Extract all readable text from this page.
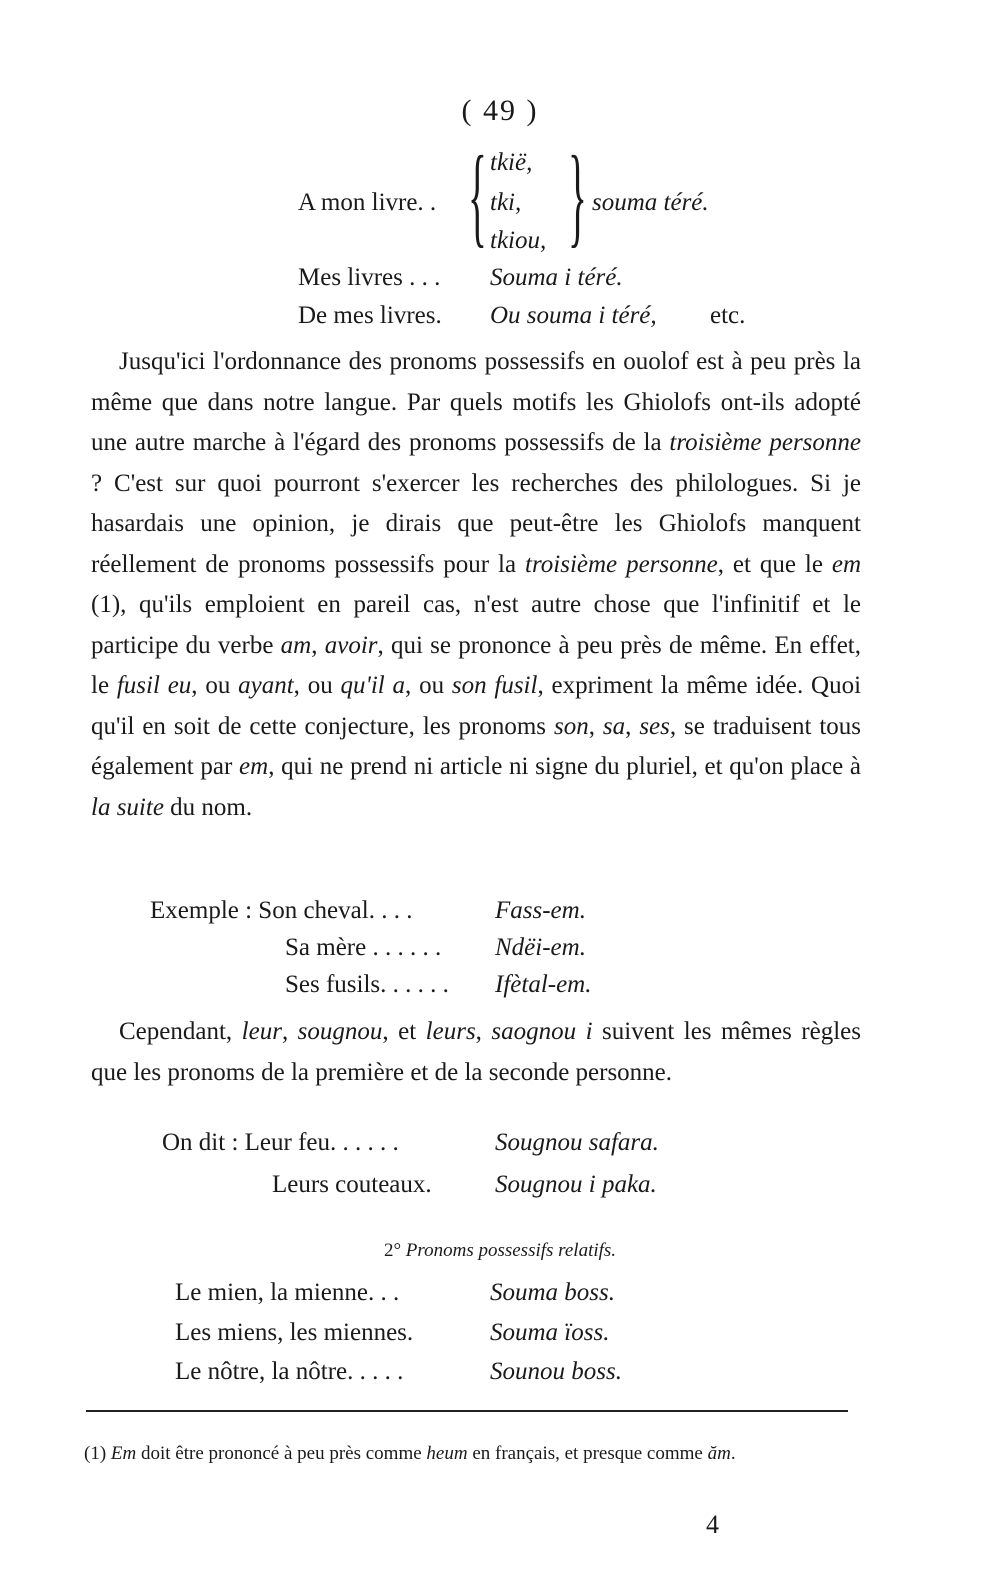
( 49 )
A mon livre. . { tkië,
tki,
tkiou, } souma téré.
Mes livres . . . Souma i téré.
De mes livres. Ou souma i téré, etc.
Jusqu'ici l'ordonnance des pronoms possessifs en ouolof est à peu près la même que dans notre langue. Par quels motifs les Ghiolofs ont-ils adopté une autre marche à l'égard des pronoms possessifs de la troisième personne ? C'est sur quoi pourront s'exercer les recherches des philologues. Si je hasardais une opinion, je dirais que peut-être les Ghiolofs manquent réellement de pronoms possessifs pour la troisième personne, et que le em (1), qu'ils emploient en pareil cas, n'est autre chose que l'infinitif et le participe du verbe am, avoir, qui se prononce à peu près de même. En effet, le fusil eu, ou ayant, ou qu'il a, ou son fusil, expriment la même idée. Quoi qu'il en soit de cette conjecture, les pronoms son, sa, ses, se traduisent tous également par em, qui ne prend ni article ni signe du pluriel, et qu'on place à la suite du nom.
Exemple : Son cheval. . . .	Fass-em.
Sa mère . . . . . . Ndëi-em.
Ses fusils. . . . . . Ifètal-em.
Cependant, leur, sougnou, et leurs, saognou i suivent les mêmes règles que les pronoms de la première et de la seconde personne.
On dit : Leur feu. . . . . .	Sougnou safara.
Leurs couteaux.	Sougnou i paka.
2° Pronoms possessifs relatifs.
Le mien, la mienne. . .	Souma boss.
Les miens, les miennes.	Souma ïoss.
Le nôtre, la nôtre. . . . .	Sounou boss.
(1) Em doit être prononcé à peu près comme heum en français, et presque comme ăm.
4
